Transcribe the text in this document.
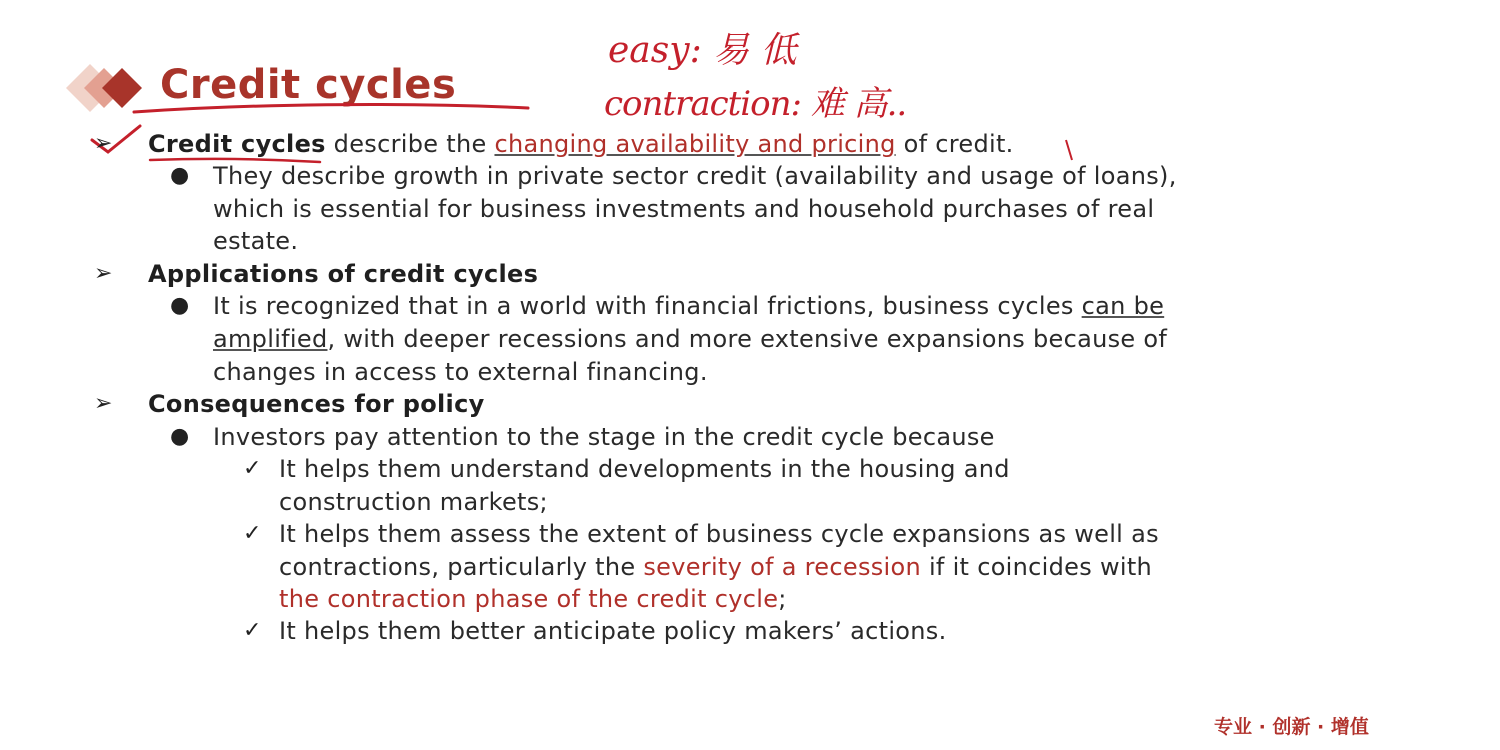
Credit cycles
easy: 易 低
contraction: 难 高..
➢ Credit cycles describe the changing availability and pricing of credit.
● They describe growth in private sector credit (availability and usage of loans),
which is essential for business investments and household purchases of real
estate.
➢ Applications of credit cycles
● It is recognized that in a world with financial frictions, business cycles can be
amplified, with deeper recessions and more extensive expansions because of
changes in access to external financing.
➢ Consequences for policy
● Investors pay attention to the stage in the credit cycle because
✓ It helps them understand developments in the housing and
construction markets;
✓ It helps them assess the extent of business cycle expansions as well as
contractions, particularly the severity of a recession if it coincides with
the contraction phase of the credit cycle;
✓ It helps them better anticipate policy makers’ actions.
专业 · 创新 · 增值
